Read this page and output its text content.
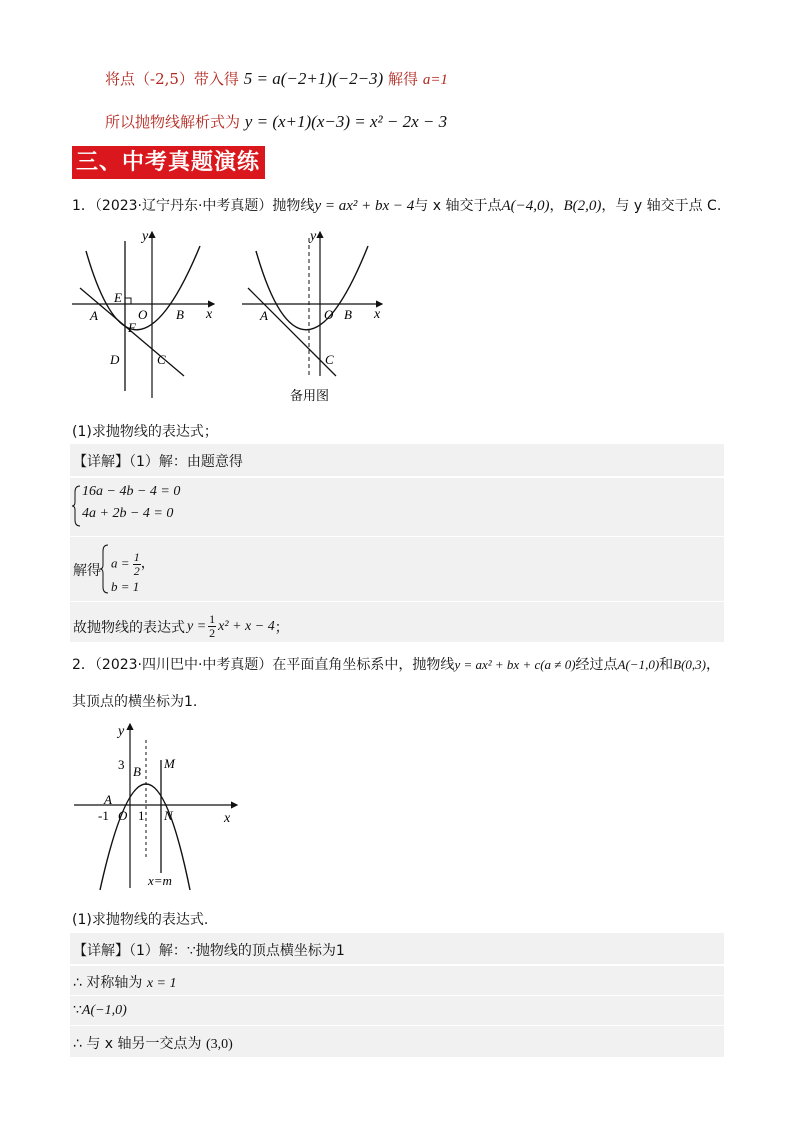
将点（-2,5）带入得 5 = a(−2+1)(−2−3) 解得 a=1
所以抛物线解析式为 y = (x+1)(x−3) = x² − 2x − 3
三、中考真题演练
1．（2023·辽宁丹东·中考真题）抛物线y = ax² + bx − 4与 x 轴交于点A(−4,0)，B(2,0)，与 y 轴交于点 C.
y
x
E
A	O B
F
D	C
y
x
A	O B
C
备用图
(1)求抛物线的表达式；
【详解】（1）解：由题意得
16a − 4b − 4 = 0
4a + 2b − 4 = 0
解得
$a = \frac{1}{2}$ ，
b = 1
故抛物线的表达式 $y = \frac{1}{2} x^2 + x - 4$ ；
2．（2023·四川巴中·中考真题）在平面直角坐标系中，抛物线y = ax² + bx + c(a ≠ 0)经过点A(−1,0)和B(0,3)，
其顶点的横坐标为1.
y
x
3 B
M
A
-1 O 1 N
x=m
(1)求抛物线的表达式.
【详解】（1）解：∵抛物线的顶点横坐标为1
∴ 对称轴为 x = 1
∵A(−1,0)
∴ 与 x 轴另一交点为 (3,0)
